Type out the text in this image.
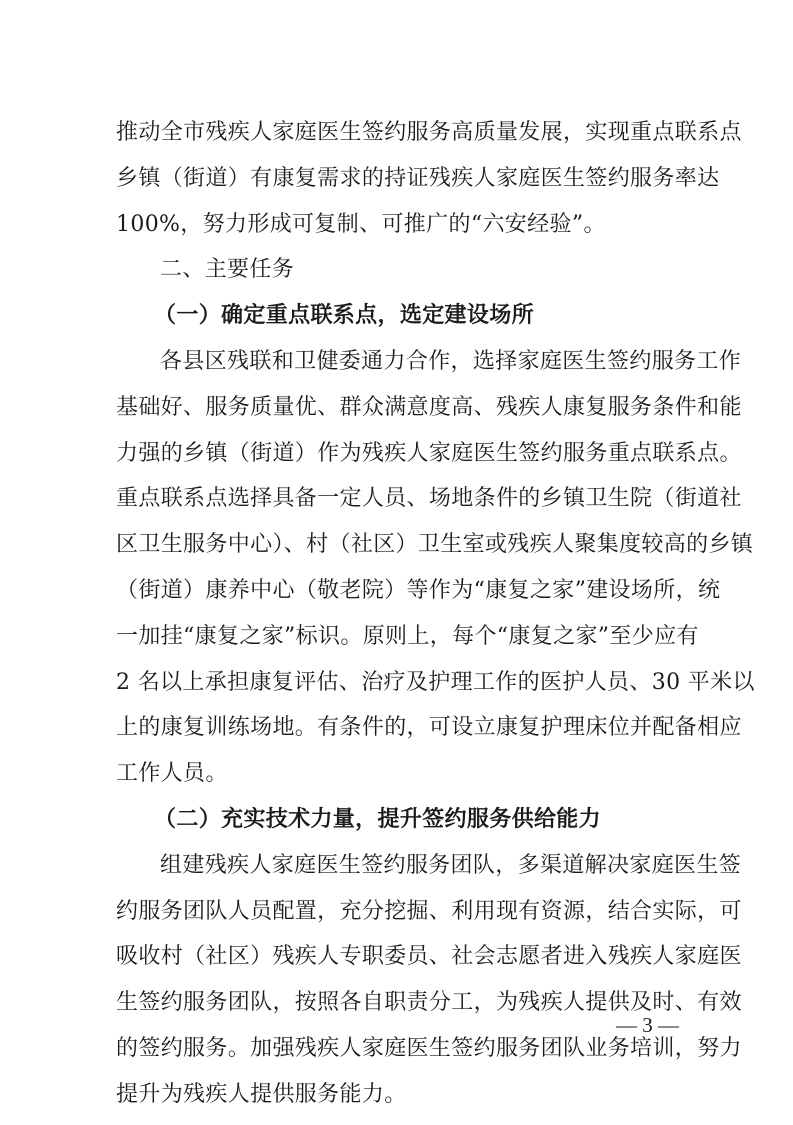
推动全市残疾人家庭医生签约服务高质量发展，实现重点联系点
乡镇（街道）有康复需求的持证残疾人家庭医生签约服务率达
100%，努力形成可复制、可推广的“六安经验”。
二、主要任务
（一）确定重点联系点，选定建设场所
各县区残联和卫健委通力合作，选择家庭医生签约服务工作
基础好、服务质量优、群众满意度高、残疾人康复服务条件和能
力强的乡镇（街道）作为残疾人家庭医生签约服务重点联系点。
重点联系点选择具备一定人员、场地条件的乡镇卫生院（街道社
区卫生服务中心）、村（社区）卫生室或残疾人聚集度较高的乡镇
（街道）康养中心（敬老院）等作为“康复之家”建设场所，统
一加挂“康复之家”标识。原则上，每个“康复之家”至少应有
2 名以上承担康复评估、治疗及护理工作的医护人员、30 平米以
上的康复训练场地。有条件的，可设立康复护理床位并配备相应
工作人员。
（二）充实技术力量，提升签约服务供给能力
组建残疾人家庭医生签约服务团队，多渠道解决家庭医生签
约服务团队人员配置，充分挖掘、利用现有资源，结合实际，可
吸收村（社区）残疾人专职委员、社会志愿者进入残疾人家庭医
生签约服务团队，按照各自职责分工，为残疾人提供及时、有效
的签约服务。加强残疾人家庭医生签约服务团队业务培训，努力
提升为残疾人提供服务能力。
— 3 —
